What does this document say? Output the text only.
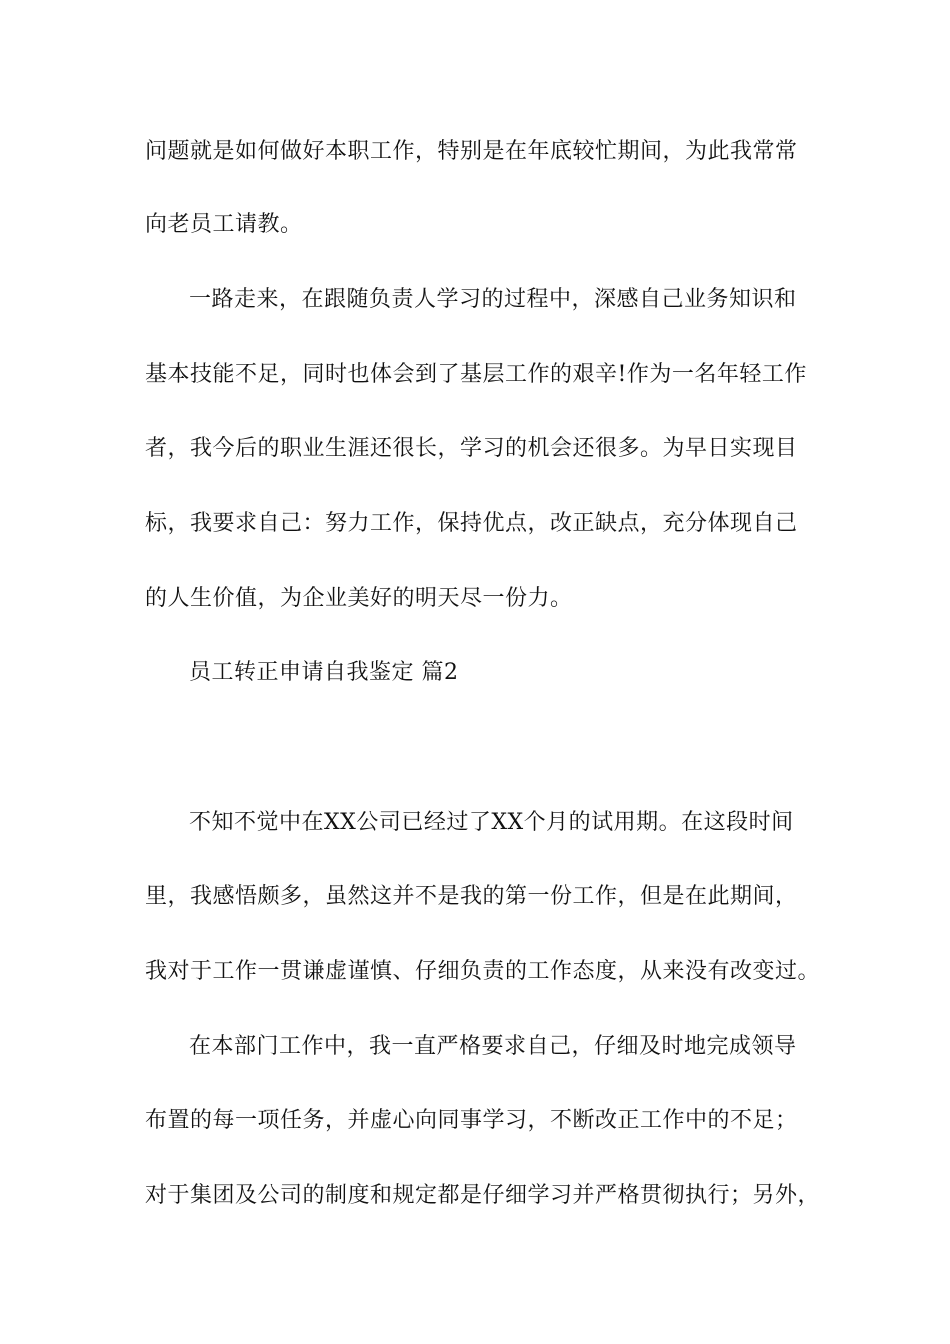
问题就是如何做好本职工作，特别是在年底较忙期间，为此我常常
向老员工请教。
一路走来，在跟随负责人学习的过程中，深感自己业务知识和
基本技能不足，同时也体会到了基层工作的艰辛!作为一名年轻工作
者，我今后的职业生涯还很长，学习的机会还很多。为早日实现目
标，我要求自己：努力工作，保持优点，改正缺点，充分体现自己
的人生价值，为企业美好的明天尽一份力。
员工转正申请自我鉴定 篇2
不知不觉中在XX公司已经过了XX个月的试用期。在这段时间
里，我感悟颇多，虽然这并不是我的第一份工作，但是在此期间，
我对于工作一贯谦虚谨慎、仔细负责的工作态度，从来没有改变过。
在本部门工作中，我一直严格要求自己，仔细及时地完成领导
布置的每一项任务，并虚心向同事学习，不断改正工作中的不足；
对于集团及公司的制度和规定都是仔细学习并严格贯彻执行；另外，
